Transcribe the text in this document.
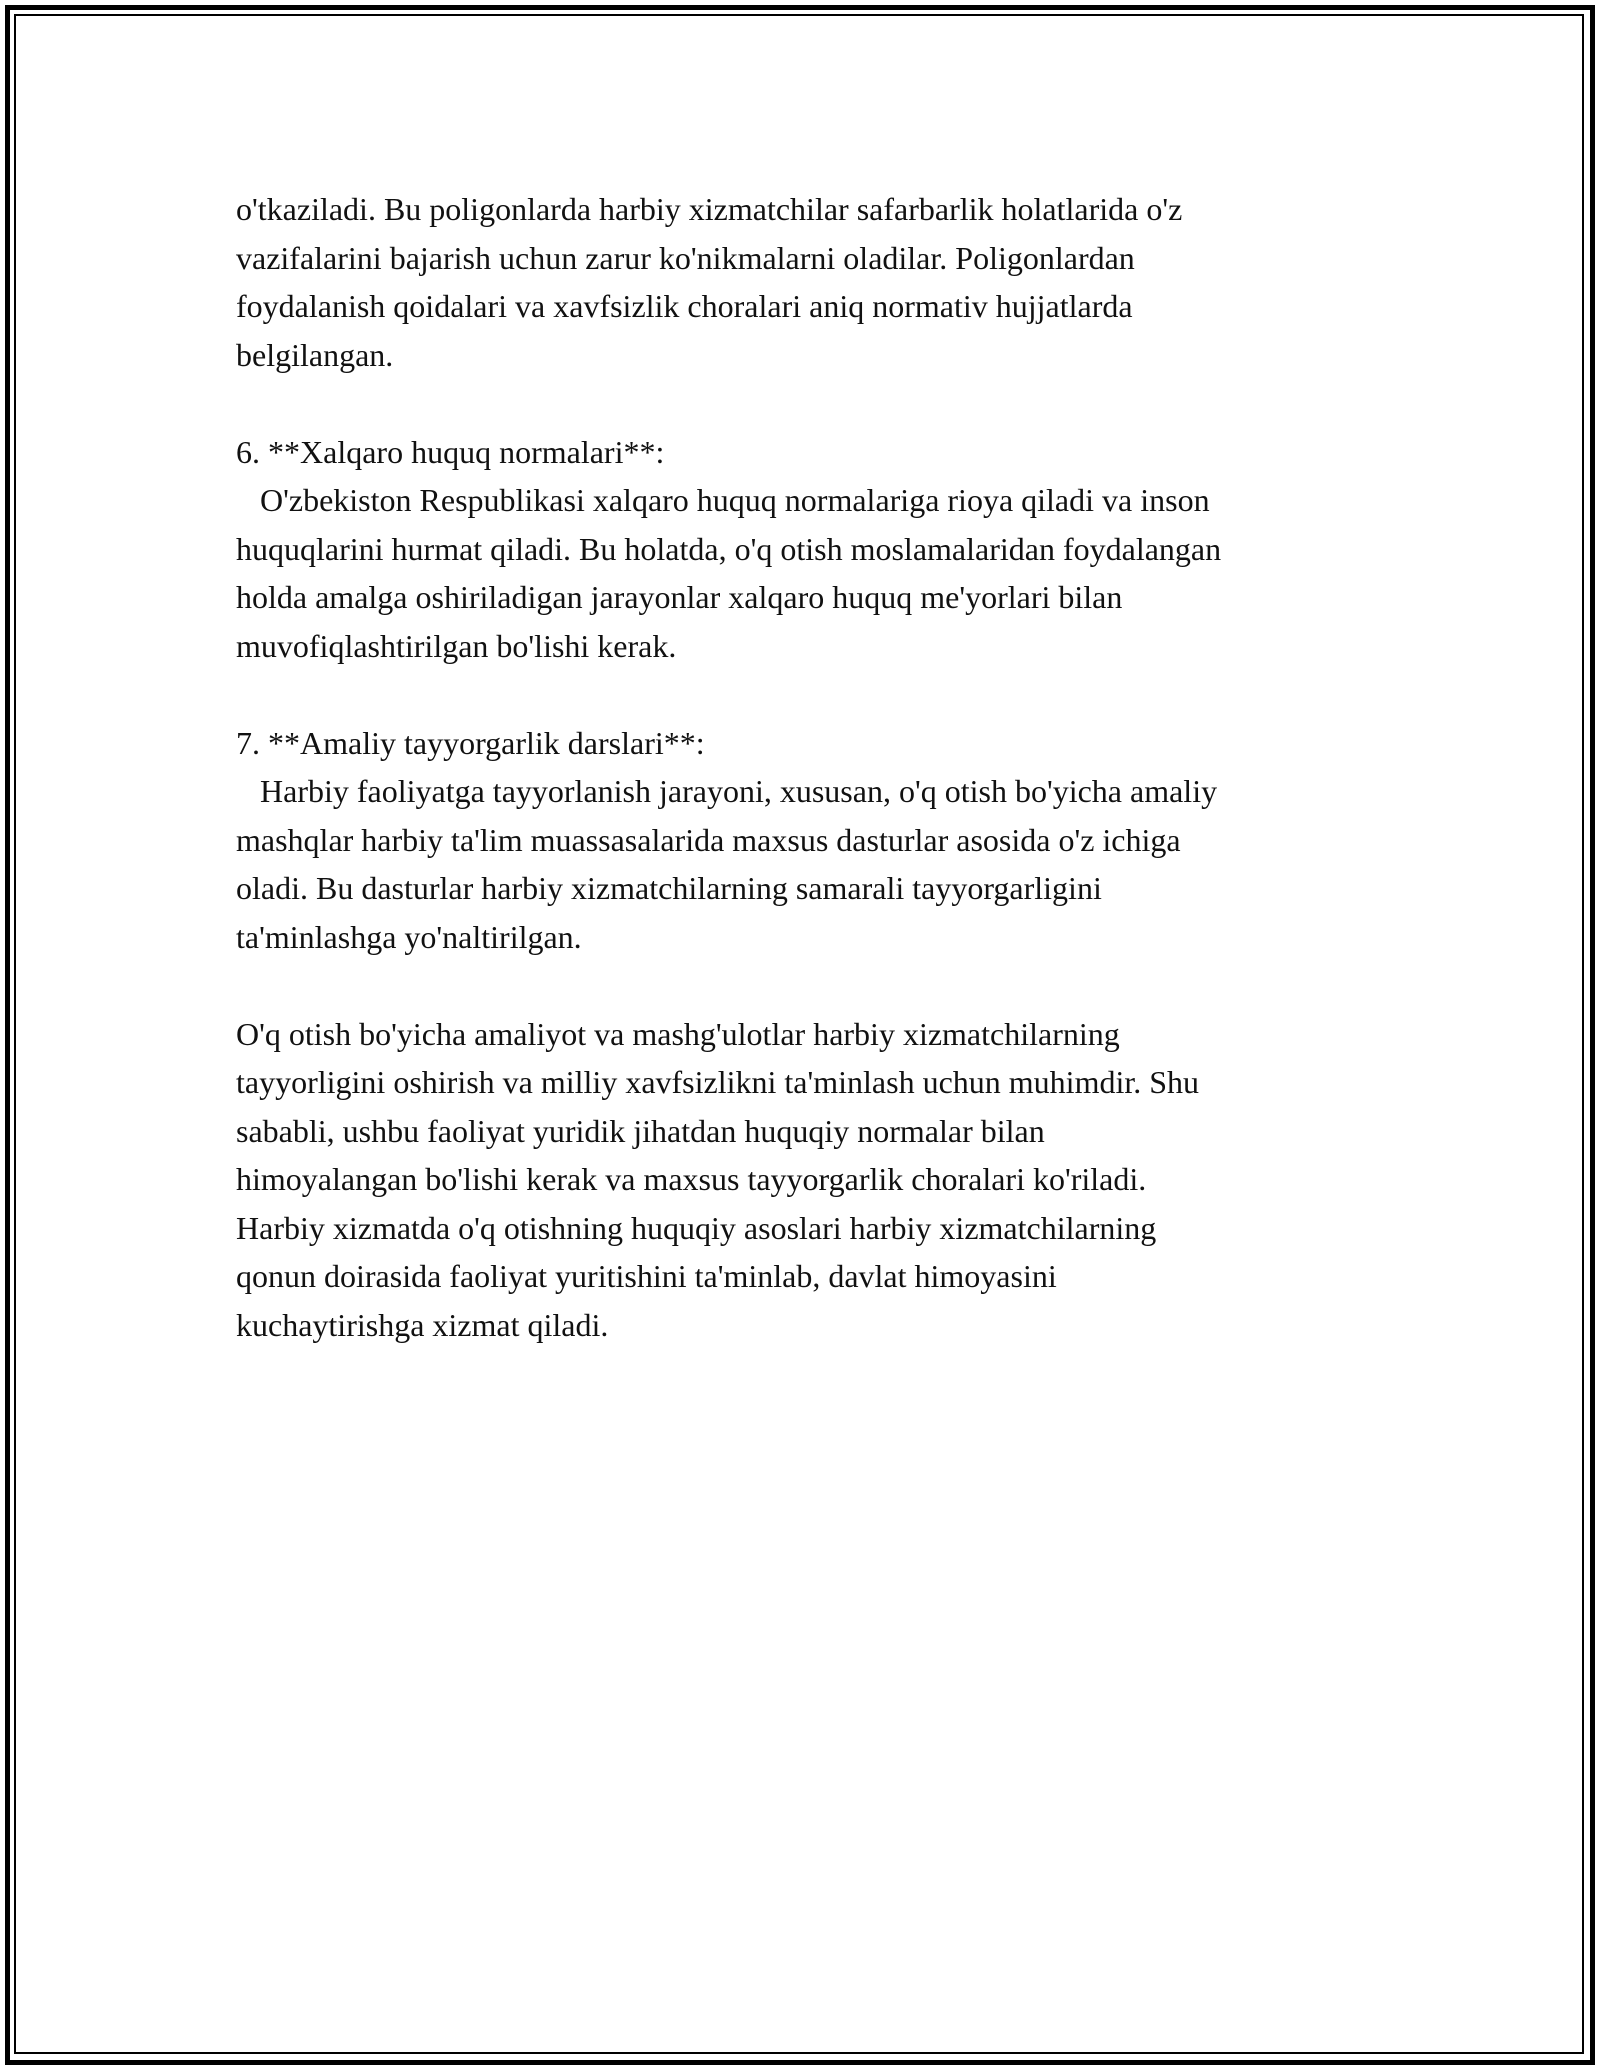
o'tkaziladi. Bu poligonlarda harbiy xizmatchilar safarbarlik holatlarida o'z
vazifalarini bajarish uchun zarur ko'nikmalarni oladilar. Poligonlardan
foydalanish qoidalari va xavfsizlik choralari aniq normativ hujjatlarda
belgilangan.
6. **Xalqaro huquq normalari**:
O'zbekiston Respublikasi xalqaro huquq normalariga rioya qiladi va inson
huquqlarini hurmat qiladi. Bu holatda, o'q otish moslamalaridan foydalangan
holda amalga oshiriladigan jarayonlar xalqaro huquq me'yorlari bilan
muvofiqlashtirilgan bo'lishi kerak.
7. **Amaliy tayyorgarlik darslari**:
Harbiy faoliyatga tayyorlanish jarayoni, xususan, o'q otish bo'yicha amaliy
mashqlar harbiy ta'lim muassasalarida maxsus dasturlar asosida o'z ichiga
oladi. Bu dasturlar harbiy xizmatchilarning samarali tayyorgarligini
ta'minlashga yo'naltirilgan.
O'q otish bo'yicha amaliyot va mashg'ulotlar harbiy xizmatchilarning
tayyorligini oshirish va milliy xavfsizlikni ta'minlash uchun muhimdir. Shu
sababli, ushbu faoliyat yuridik jihatdan huquqiy normalar bilan
himoyalangan bo'lishi kerak va maxsus tayyorgarlik choralari ko'riladi.
Harbiy xizmatda o'q otishning huquqiy asoslari harbiy xizmatchilarning
qonun doirasida faoliyat yuritishini ta'minlab, davlat himoyasini
kuchaytirishga xizmat qiladi.
